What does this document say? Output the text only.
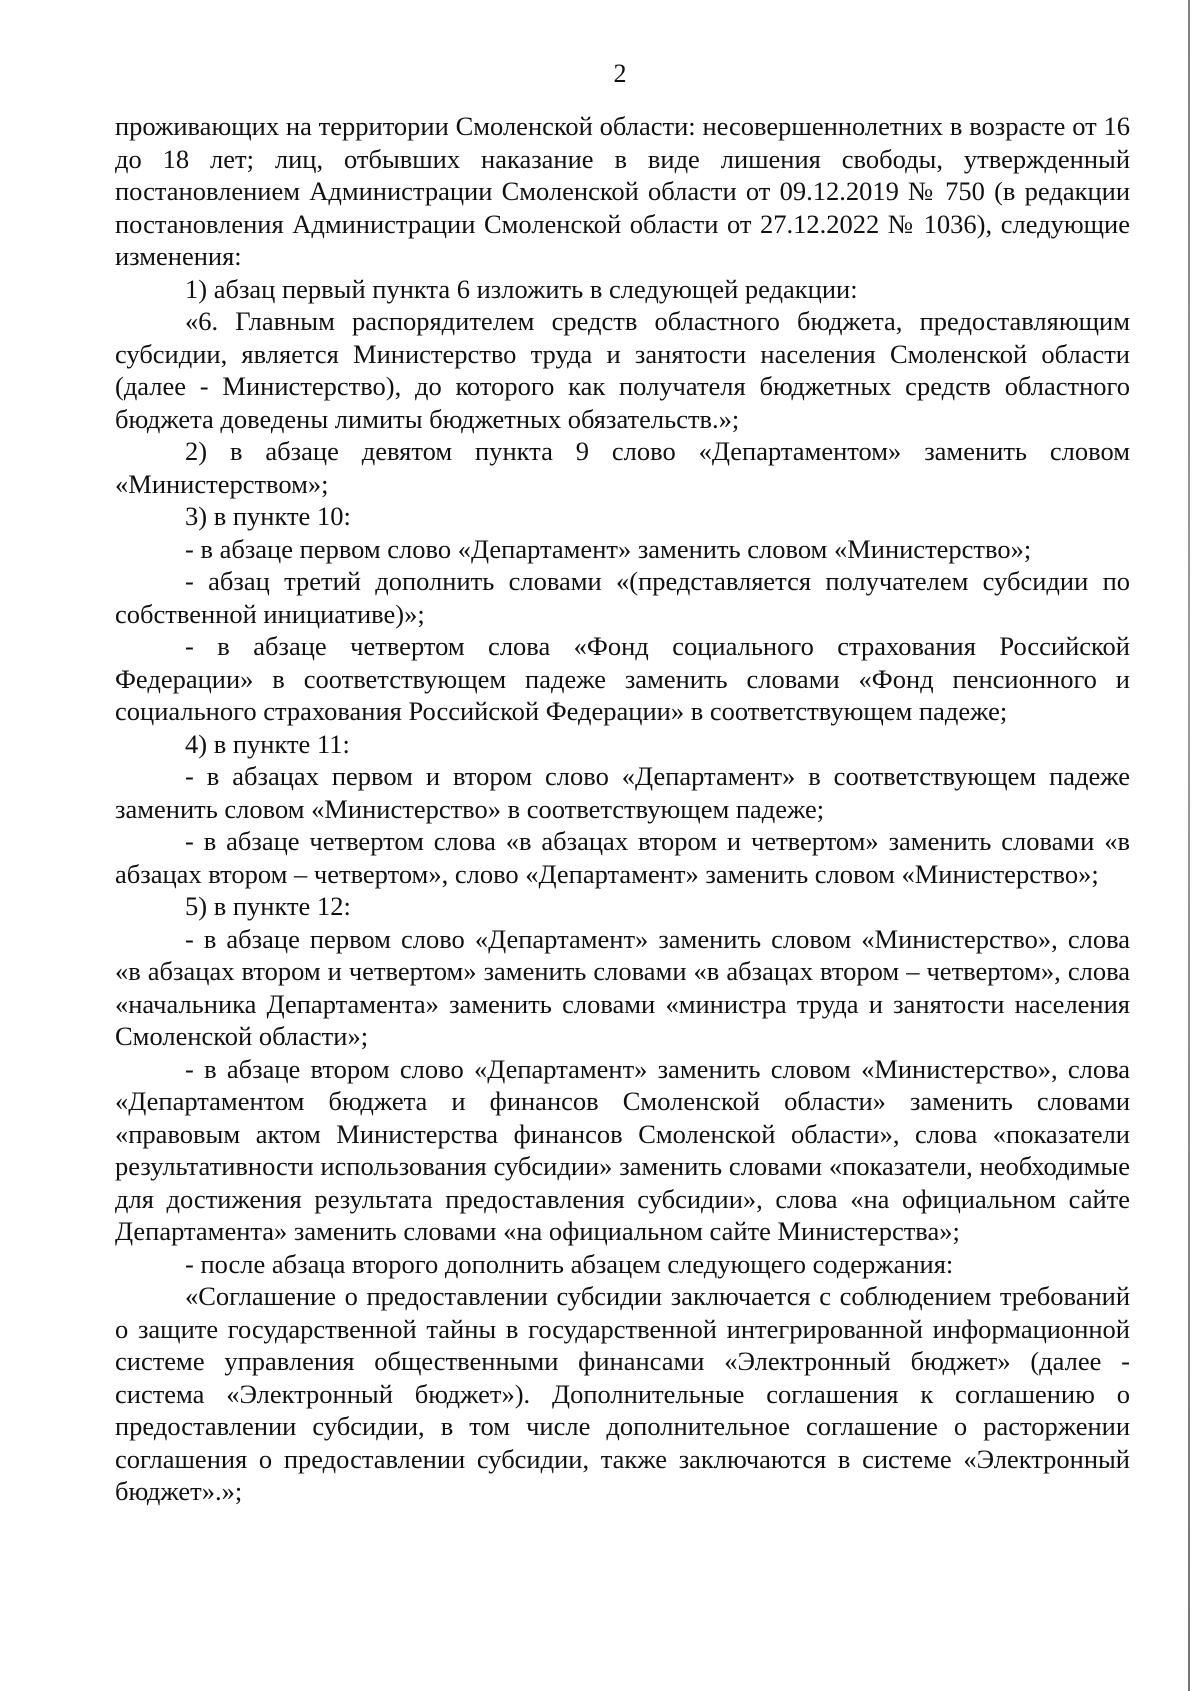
2

проживающих на территории Смоленской области: несовершеннолетних в возрасте от 16 до 18 лет; лиц, отбывших наказание в виде лишения свободы, утвержденный постановлением Администрации Смоленской области от 09.12.2019 № 750 (в редакции постановления Администрации Смоленской области от 27.12.2022 № 1036), следующие изменения:

1) абзац первый пункта 6 изложить в следующей редакции:

«6. Главным распорядителем средств областного бюджета, предоставляющим субсидии, является Министерство труда и занятости населения Смоленской области (далее - Министерство), до которого как получателя бюджетных средств областного бюджета доведены лимиты бюджетных обязательств.»;

2) в абзаце девятом пункта 9 слово «Департаментом» заменить словом «Министерством»;

3) в пункте 10:

- в абзаце первом слово «Департамент» заменить словом «Министерство»;

- абзац третий дополнить словами «(представляется получателем субсидии по собственной инициативе)»;

- в абзаце четвертом слова «Фонд социального страхования Российской Федерации» в соответствующем падеже заменить словами «Фонд пенсионного и социального страхования Российской Федерации» в соответствующем падеже;

4) в пункте 11:

- в абзацах первом и втором слово «Департамент» в соответствующем падеже заменить словом «Министерство» в соответствующем падеже;

- в абзаце четвертом слова «в абзацах втором и четвертом» заменить словами «в абзацах втором – четвертом», слово «Департамент» заменить словом «Министерство»;

5) в пункте 12:

- в абзаце первом слово «Департамент» заменить словом «Министерство», слова «в абзацах втором и четвертом» заменить словами «в абзацах втором – четвертом», слова «начальника Департамента» заменить словами «министра труда и занятости населения Смоленской области»;

- в абзаце втором слово «Департамент» заменить словом «Министерство», слова «Департаментом бюджета и финансов Смоленской области» заменить словами «правовым актом Министерства финансов Смоленской области», слова «показатели результативности использования субсидии» заменить словами «показатели, необходимые для достижения результата предоставления субсидии», слова «на официальном сайте Департамента» заменить словами «на официальном сайте Министерства»;

- после абзаца второго дополнить абзацем следующего содержания:

«Соглашение о предоставлении субсидии заключается с соблюдением требований о защите государственной тайны в государственной интегрированной информационной системе управления общественными финансами «Электронный бюджет» (далее - система «Электронный бюджет»). Дополнительные соглашения к соглашению о предоставлении субсидии, в том числе дополнительное соглашение о расторжении соглашения о предоставлении субсидии, также заключаются в системе «Электронный бюджет».»;
